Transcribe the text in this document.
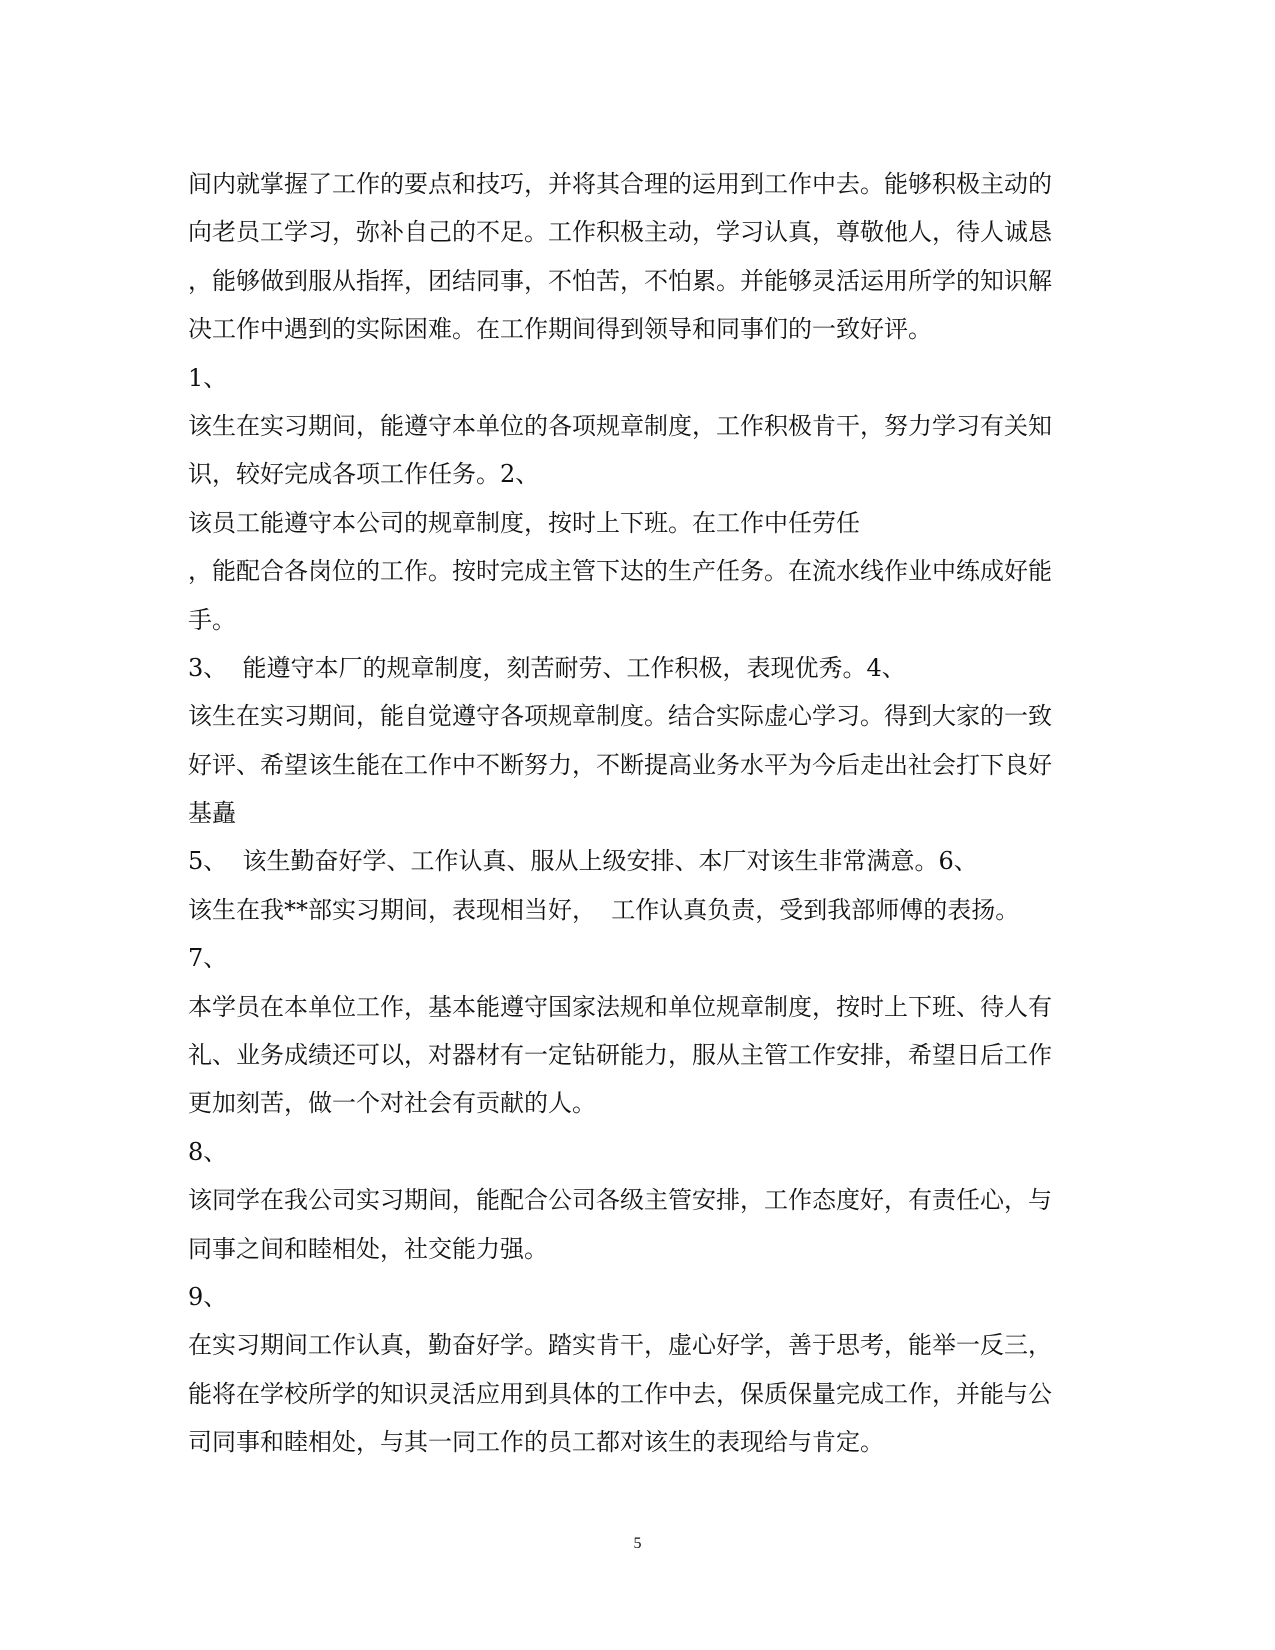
间内就掌握了工作的要点和技巧，并将其合理的运用到工作中去。能够积极主动的
向老员工学习，弥补自己的不足。工作积极主动，学习认真，尊敬他人，待人诚恳
，能够做到服从指挥，团结同事，不怕苦，不怕累。并能够灵活运用所学的知识解
决工作中遇到的实际困难。在工作期间得到领导和同事们的一致好评。
1、
该生在实习期间，能遵守本单位的各项规章制度，工作积极肯干，努力学习有关知
识，较好完成各项工作任务。2、
该员工能遵守本公司的规章制度，按时上下班。在工作中任劳任
，能配合各岗位的工作。按时完成主管下达的生产任务。在流水线作业中练成好能
手。
3、  能遵守本厂的规章制度，刻苦耐劳、工作积极，表现优秀。4、
该生在实习期间，能自觉遵守各项规章制度。结合实际虚心学习。得到大家的一致
好评、希望该生能在工作中不断努力，不断提高业务水平为今后走出社会打下良好
基矗
5、  该生勤奋好学、工作认真、服从上级安排、本厂对该生非常满意。6、
该生在我**部实习期间，表现相当好，  工作认真负责，受到我部师傅的表扬。
7、
本学员在本单位工作，基本能遵守国家法规和单位规章制度，按时上下班、待人有
礼、业务成绩还可以，对器材有一定钻研能力，服从主管工作安排，希望日后工作
更加刻苦，做一个对社会有贡献的人。
8、
该同学在我公司实习期间，能配合公司各级主管安排，工作态度好，有责任心，与
同事之间和睦相处，社交能力强。
9、
在实习期间工作认真，勤奋好学。踏实肯干，虚心好学，善于思考，能举一反三，
能将在学校所学的知识灵活应用到具体的工作中去，保质保量完成工作，并能与公
司同事和睦相处，与其一同工作的员工都对该生的表现给与肯定。
5
